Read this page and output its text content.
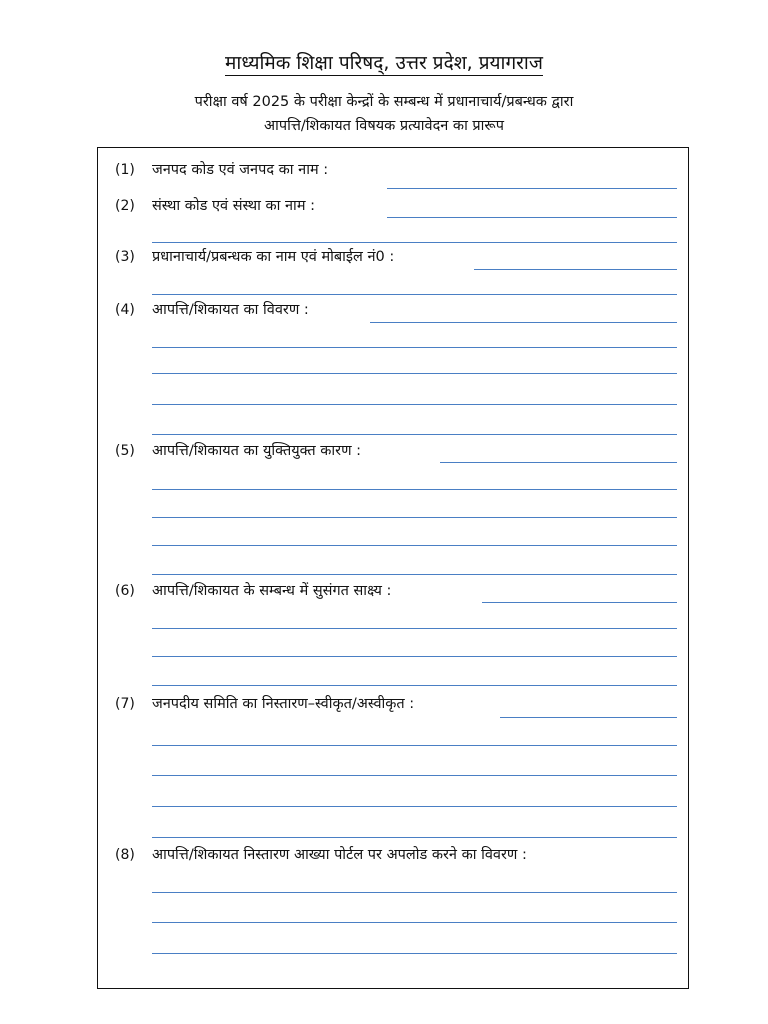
माध्यमिक शिक्षा परिषद्, उत्तर प्रदेश, प्रयागराज
परीक्षा वर्ष 2025 के परीक्षा केन्द्रों के सम्बन्ध में प्रधानाचार्य/प्रबन्धक द्वारा
आपत्ति/शिकायत विषयक प्रत्यावेदन का प्रारूप
(1) जनपद कोड एवं जनपद का नाम :
(2) संस्था कोड एवं संस्था का नाम :
(3) प्रधानाचार्य/प्रबन्धक का नाम एवं मोबाईल नं0 :
(4) आपत्ति/शिकायत का विवरण :
(5) आपत्ति/शिकायत का युक्तियुक्त कारण :
(6) आपत्ति/शिकायत के सम्बन्ध में सुसंगत साक्ष्य :
(7) जनपदीय समिति का निस्तारण–स्वीकृत/अस्वीकृत :
(8) आपत्ति/शिकायत निस्तारण आख्या पोर्टल पर अपलोड करने का विवरण :
